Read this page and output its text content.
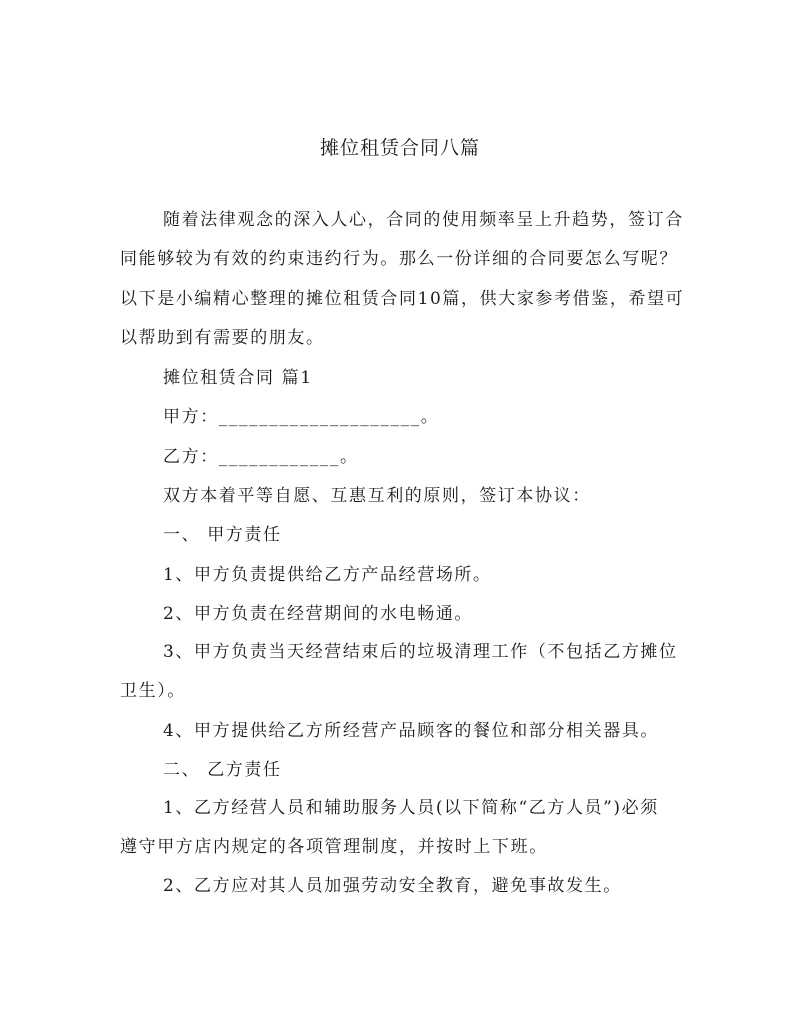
摊位租赁合同八篇
随着法律观念的深入人心，合同的使用频率呈上升趋势，签订合
同能够较为有效的约束违约行为。那么一份详细的合同要怎么写呢？
以下是小编精心整理的摊位租赁合同10篇，供大家参考借鉴，希望可
以帮助到有需要的朋友。
摊位租赁合同 篇1
甲方：____________________。
乙方：____________。
双方本着平等自愿、互惠互利的原则，签订本协议：
一、 甲方责任
1、甲方负责提供给乙方产品经营场所。
2、甲方负责在经营期间的水电畅通。
3、甲方负责当天经营结束后的垃圾清理工作（不包括乙方摊位
卫生）。
4、甲方提供给乙方所经营产品顾客的餐位和部分相关器具。
二、 乙方责任
1、乙方经营人员和辅助服务人员(以下简称“乙方人员”)必须
遵守甲方店内规定的各项管理制度，并按时上下班。
2、乙方应对其人员加强劳动安全教育，避免事故发生。
